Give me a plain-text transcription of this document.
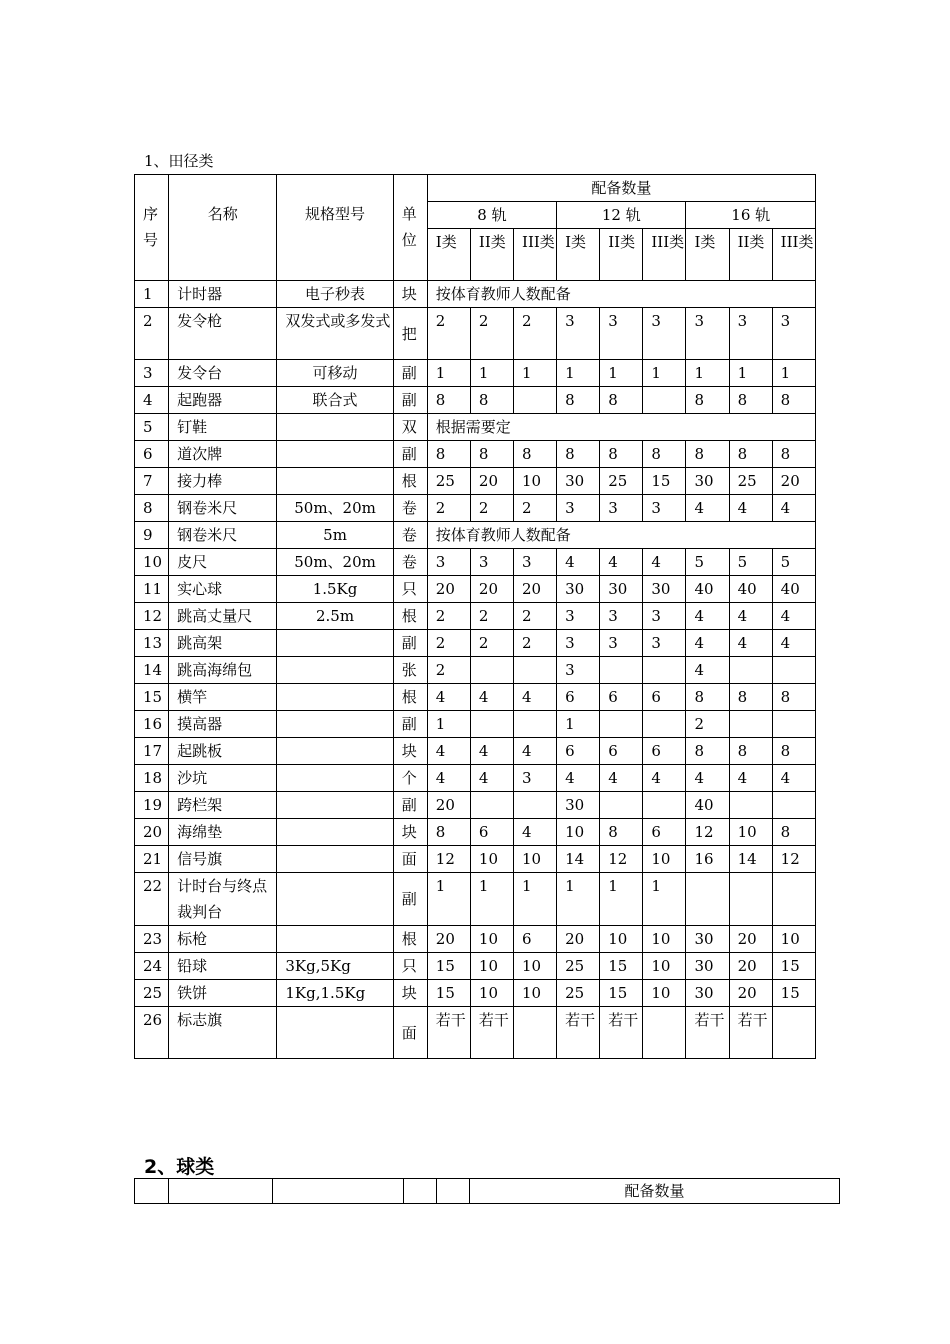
1、田径类
序号	名称	规格型号	单位	配备数量								
				8 轨			12 轨			16 轨		
				I类	II类	III类	I类	II类	III类	I类	II类	III类
1	计时器	电子秒表	块	按体育教师人数配备								
2	发令枪	双发式或多发式	把	2	2	2	3	3	3	3	3	3
3	发令台	可移动	副	1	1	1	1	1	1	1	1	1
4	起跑器	联合式	副	8	8		8	8		8	8	8
5	钉鞋		双	根据需要定								
6	道次牌		副	8	8	8	8	8	8	8	8	8
7	接力棒		根	25	20	10	30	25	15	30	25	20
8	钢卷米尺	50m、20m	卷	2	2	2	3	3	3	4	4	4
9	钢卷米尺	5m	卷	按体育教师人数配备								
10	皮尺	50m、20m	卷	3	3	3	4	4	4	5	5	5
11	实心球	1.5Kg	只	20	20	20	30	30	30	40	40	40
12	跳高丈量尺	2.5m	根	2	2	2	3	3	3	4	4	4
13	跳高架		副	2	2	2	3	3	3	4	4	4
14	跳高海绵包		张	2			3			4		
15	横竿		根	4	4	4	6	6	6	8	8	8
16	摸高器		副	1			1			2		
17	起跳板		块	4	4	4	6	6	6	8	8	8
18	沙坑		个	4	4	3	4	4	4	4	4	4
19	跨栏架		副	20			30			40		
20	海绵垫		块	8	6	4	10	8	6	12	10	8
21	信号旗		面	12	10	10	14	12	10	16	14	12
22	计时台与终点裁判台		副	1	1	1	1	1	1			
23	标枪		根	20	10	6	20	10	10	30	20	10
24	铅球	3Kg,5Kg	只	15	10	10	25	15	10	30	20	15
25	铁饼	1Kg,1.5Kg	块	15	10	10	25	15	10	30	20	15
26	标志旗		面	若干	若干		若干	若干		若干	若干	
2、球类
					配备数量
